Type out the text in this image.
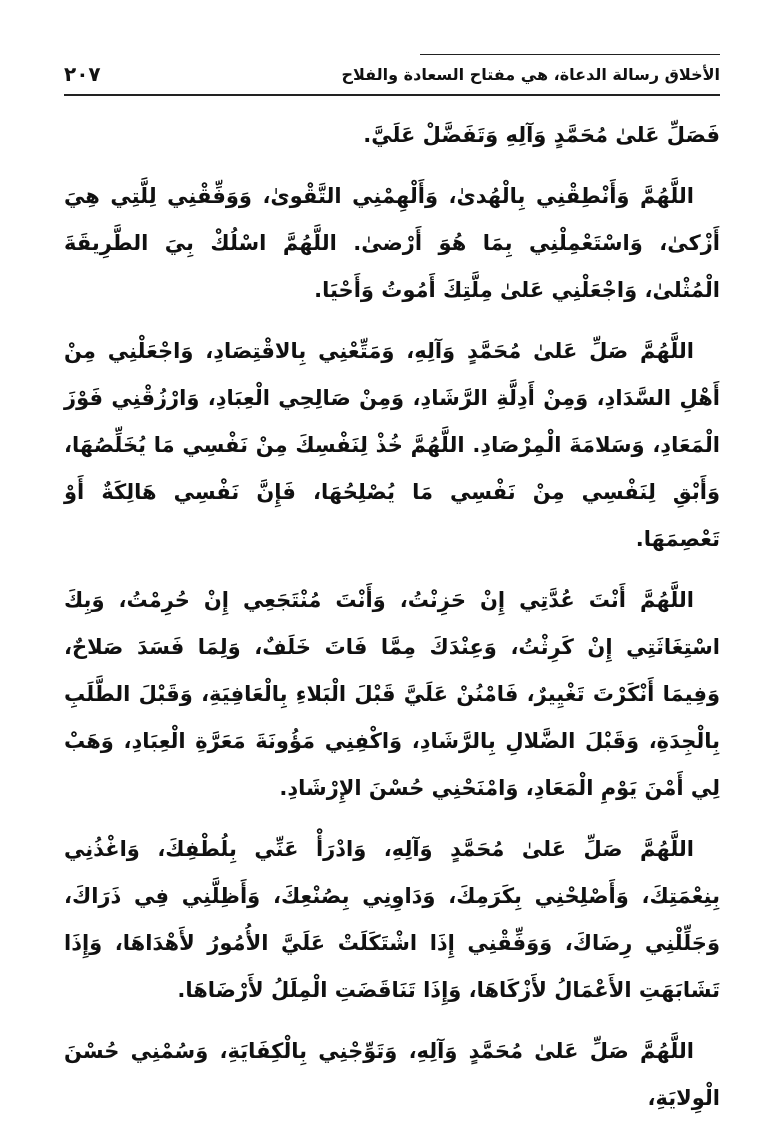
الأخلاق رسالة الدعاة، هي مفتاح السعادة والفلاح
٢٠٧

فَصَلِّ عَلىٰ مُحَمَّدٍ وَآلِهِ وَتَفَضَّلْ عَلَيَّ.

اللَّهُمَّ وَأَنْطِقْنِي بِالْهُدىٰ، وَأَلْهِمْنِي التَّقْوىٰ، وَوَفِّقْنِي لِلَّتِي هِيَ أَزْكىٰ، وَاسْتَعْمِلْنِي بِمَا هُوَ أَرْضىٰ. اللَّهُمَّ اسْلُكْ بِيَ الطَّرِيقَةَ الْمُثْلىٰ، وَاجْعَلْنِي عَلىٰ مِلَّتِكَ أَمُوتُ وَأَحْيَا.

اللَّهُمَّ صَلِّ عَلىٰ مُحَمَّدٍ وَآلِهِ، وَمَتِّعْنِي بِالاقْتِصَادِ، وَاجْعَلْنِي مِنْ أَهْلِ السَّدَادِ، وَمِنْ أَدِلَّةِ الرَّشَادِ، وَمِنْ صَالِحِي الْعِبَادِ، وَارْزُقْنِي فَوْزَ الْمَعَادِ، وَسَلامَةَ الْمِرْصَادِ. اللَّهُمَّ خُذْ لِنَفْسِكَ مِنْ نَفْسِي مَا يُخَلِّصُهَا، وَأَبْقِ لِنَفْسِي مِنْ نَفْسِي مَا يُصْلِحُهَا، فَإِنَّ نَفْسِي هَالِكَةٌ أَوْ تَعْصِمَهَا.

اللَّهُمَّ أَنْتَ عُدَّتِي إِنْ حَزِنْتُ، وَأَنْتَ مُنْتَجَعِي إِنْ حُرِمْتُ، وَبِكَ اسْتِغَاثَتِي إِنْ كَرِثْتُ، وَعِنْدَكَ مِمَّا فَاتَ خَلَفٌ، وَلِمَا فَسَدَ صَلاحٌ، وَفِيمَا أَنْكَرْتَ تَغْيِيرٌ، فَامْنُنْ عَلَيَّ قَبْلَ الْبَلاءِ بِالْعَافِيَةِ، وَقَبْلَ الطَّلَبِ بِالْجِدَةِ، وَقَبْلَ الضَّلالِ بِالرَّشَادِ، وَاكْفِنِي مَؤُونَةَ مَعَرَّةِ الْعِبَادِ، وَهَبْ لِي أَمْنَ يَوْمِ الْمَعَادِ، وَامْنَحْنِي حُسْنَ الإِرْشَادِ.

اللَّهُمَّ صَلِّ عَلىٰ مُحَمَّدٍ وَآلِهِ، وَادْرَأْ عَنِّي بِلُطْفِكَ، وَاغْذُنِي بِنِعْمَتِكَ، وَأَصْلِحْنِي بِكَرَمِكَ، وَدَاوِنِي بِصُنْعِكَ، وَأَظِلَّنِي فِي ذَرَاكَ، وَجَلِّلْنِي رِضَاكَ، وَوَفِّقْنِي إِذَا اشْتَكَلَتْ عَلَيَّ الأُمُورُ لأَهْدَاهَا، وَإِذَا تَشَابَهَتِ الأَعْمَالُ لأَزْكَاهَا، وَإِذَا تَنَاقَضَتِ الْمِلَلُ لأَرْضَاهَا.

اللَّهُمَّ صَلِّ عَلىٰ مُحَمَّدٍ وَآلِهِ، وَتَوِّجْنِي بِالْكِفَايَةِ، وَسُمْنِي حُسْنَ الْوِلايَةِ،
